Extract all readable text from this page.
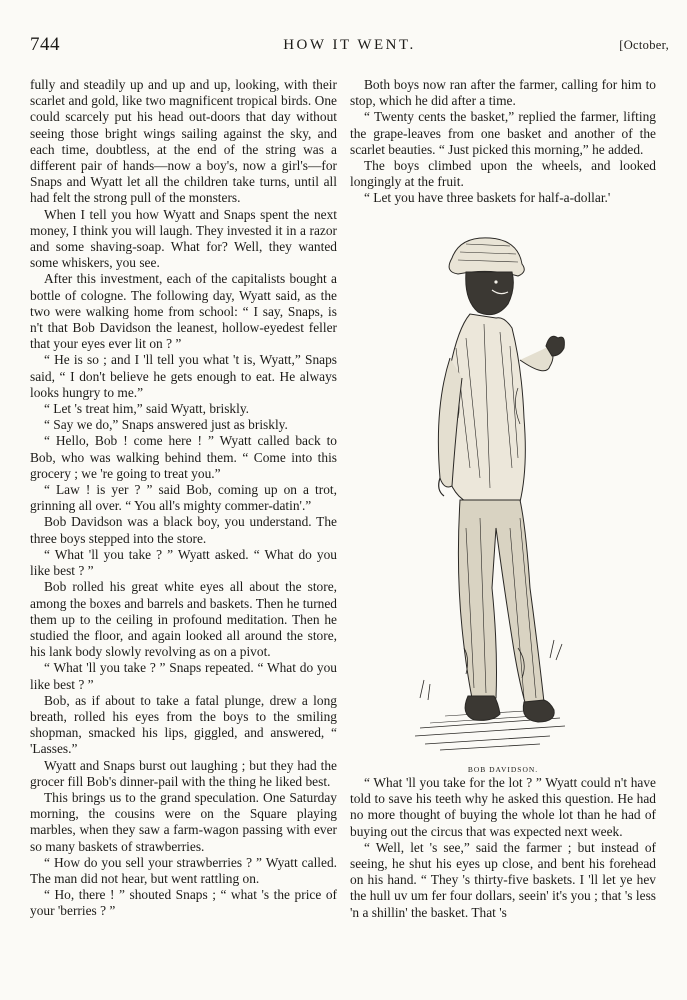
744	HOW IT WENT.	[October,

fully and steadily up and up and up, looking, with their scarlet and gold, like two magnificent tropical birds. One could scarcely put his head out-doors that day without seeing those bright wings sailing against the sky, and each time, doubtless, at the end of the string was a different pair of hands—now a boy's, now a girl's—for Snaps and Wyatt let all the children take turns, until all had felt the strong pull of the monsters.

When I tell you how Wyatt and Snaps spent the next money, I think you will laugh. They invested it in a razor and some shaving-soap. What for? Well, they wanted some whiskers, you see.

After this investment, each of the capitalists bought a bottle of cologne. The following day, Wyatt said, as the two were walking home from school: “ I say, Snaps, is n't that Bob Davidson the leanest, hollow-eyedest feller that your eyes ever lit on ? ”

“ He is so ; and I 'll tell you what 't is, Wyatt,” Snaps said, “ I don't believe he gets enough to eat. He always looks hungry to me.”

“ Let 's treat him,” said Wyatt, briskly.

“ Say we do,” Snaps answered just as briskly.

“ Hello, Bob ! come here ! ” Wyatt called back to Bob, who was walking behind them. “ Come into this grocery ; we 're going to treat you.”

“ Law ! is yer ? ” said Bob, coming up on a trot, grinning all over. “ You all's mighty commer-datin'.”

Bob Davidson was a black boy, you understand. The three boys stepped into the store.

“ What 'll you take ? ” Wyatt asked. “ What do you like best ? ”

Bob rolled his great white eyes all about the store, among the boxes and barrels and baskets. Then he turned them up to the ceiling in profound meditation. Then he studied the floor, and again looked all around the store, his lank body slowly revolving as on a pivot.

“ What 'll you take ? ” Snaps repeated. “ What do you like best ? ”

Bob, as if about to take a fatal plunge, drew a long breath, rolled his eyes from the boys to the smiling shopman, smacked his lips, giggled, and answered, “ 'Lasses.”

Wyatt and Snaps burst out laughing ; but they had the grocer fill Bob's dinner-pail with the thing he liked best.

This brings us to the grand speculation. One Saturday morning, the cousins were on the Square playing marbles, when they saw a farm-wagon passing with ever so many baskets of strawberries.

“ How do you sell your strawberries ? ” Wyatt called. The man did not hear, but went rattling on.

“ Ho, there ! ” shouted Snaps ; “ what 's the price of your 'berries ? ”

Both boys now ran after the farmer, calling for him to stop, which he did after a time.

“ Twenty cents the basket,” replied the farmer, lifting the grape-leaves from one basket and another of the scarlet beauties. “ Just picked this morning,” he added.

The boys climbed upon the wheels, and looked longingly at the fruit.

“ Let you have three baskets for half-a-dollar.'

BOB DAVIDSON.

“ What 'll you take for the lot ? ” Wyatt could n't have told to save his teeth why he asked this question. He had no more thought of buying the whole lot than he had of buying out the circus that was expected next week.

“ Well, let 's see,” said the farmer ; but instead of seeing, he shut his eyes up close, and bent his forehead on his hand. “ They 's thirty-five baskets. I 'll let ye hev the hull uv um fer four dollars, seein' it's you ; that 's less 'n a shillin' the basket. That 's
